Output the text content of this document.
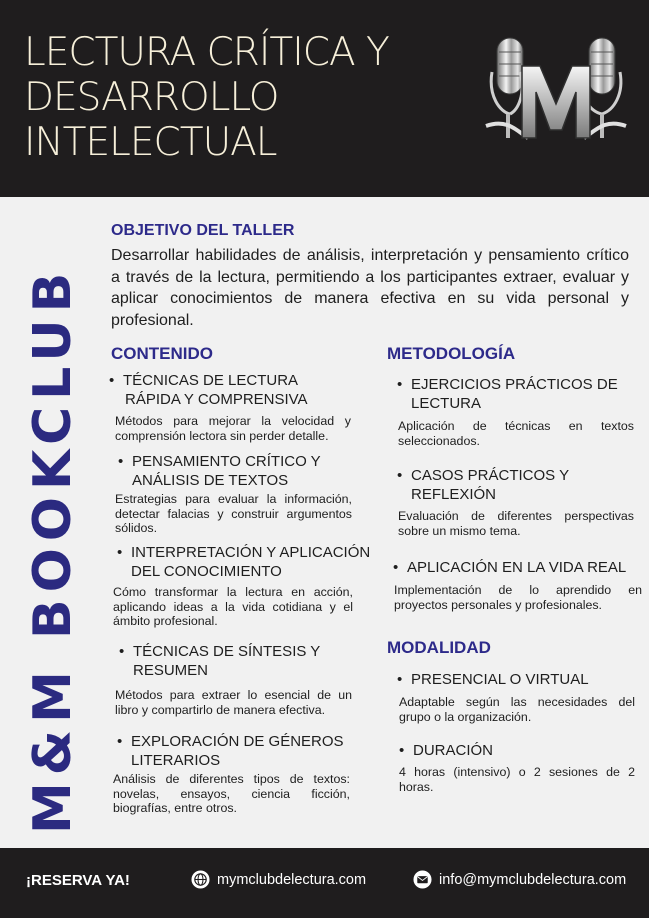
LECTURA CRÍTICA Y
DESARROLLO
INTELECTUAL
M&M BOOKCLUB
OBJETIVO DEL TALLER
Desarrollar habilidades de análisis, interpretación y pensamiento crítico a través de la lectura, permitiendo a los participantes extraer, evaluar y aplicar conocimientos de manera efectiva en su vida personal y profesional.
CONTENIDO
• TÉCNICAS DE LECTURA
RÁPIDA Y COMPRENSIVA
Métodos para mejorar la velocidad y comprensión lectora sin perder detalle.
• PENSAMIENTO CRÍTICO Y
ANÁLISIS DE TEXTOS
Estrategias para evaluar la información, detectar falacias y construir argumentos sólidos.
• INTERPRETACIÓN Y APLICACIÓN
DEL CONOCIMIENTO
Cómo transformar la lectura en acción, aplicando ideas a la vida cotidiana y el ámbito profesional.
• TÉCNICAS DE SÍNTESIS Y
RESUMEN
Métodos para extraer lo esencial de un libro y compartirlo de manera efectiva.
• EXPLORACIÓN DE GÉNEROS
LITERARIOS
Análisis de diferentes tipos de textos: novelas, ensayos, ciencia ficción, biografías, entre otros.
METODOLOGÍA
• EJERCICIOS PRÁCTICOS DE
LECTURA
Aplicación de técnicas en textos seleccionados.
• CASOS PRÁCTICOS Y
REFLEXIÓN
Evaluación de diferentes perspectivas sobre un mismo tema.
• APLICACIÓN EN LA VIDA REAL
Implementación de lo aprendido en proyectos personales y profesionales.
MODALIDAD
• PRESENCIAL O VIRTUAL
Adaptable según las necesidades del grupo o la organización.
• DURACIÓN
4 horas (intensivo) o 2 sesiones de 2 horas.
¡RESERVA YA!	mymclubdelectura.com	info@mymclubdelectura.com
